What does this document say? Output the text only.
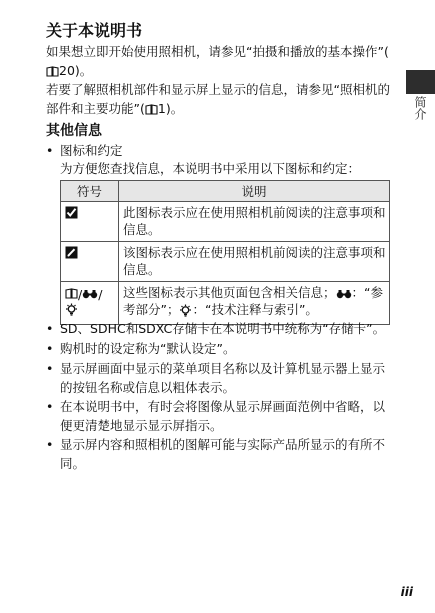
关于本说明书
如果想立即开始使用照相机，请参见“拍摄和播放的基本操作”(20)。
若要了解照相机部件和显示屏上显示的信息，请参见“照相机的部件和主要功能”( 1)。
其他信息
• 图标和约定
为方便您查找信息，本说明书中采用以下图标和约定：
符号	说明
	此图标表示应在使用照相机前阅读的注意事项和信息。
	该图标表示应在使用照相机前阅读的注意事项和信息。
/ /	这些图标表示其他页面包含相关信息； ：“参考部分”； ：“技术注释与索引”。
• SD、SDHC和SDXC存储卡在本说明书中统称为“存储卡”。
• 购机时的设定称为“默认设定”。
• 显示屏画面中显示的菜单项目名称以及计算机显示器上显示的按钮名称或信息以粗体表示。
• 在本说明书中，有时会将图像从显示屏画面范例中省略，以便更清楚地显示显示屏指示。
• 显示屏内容和照相机的图解可能与实际产品所显示的有所不同。
简介
iii
